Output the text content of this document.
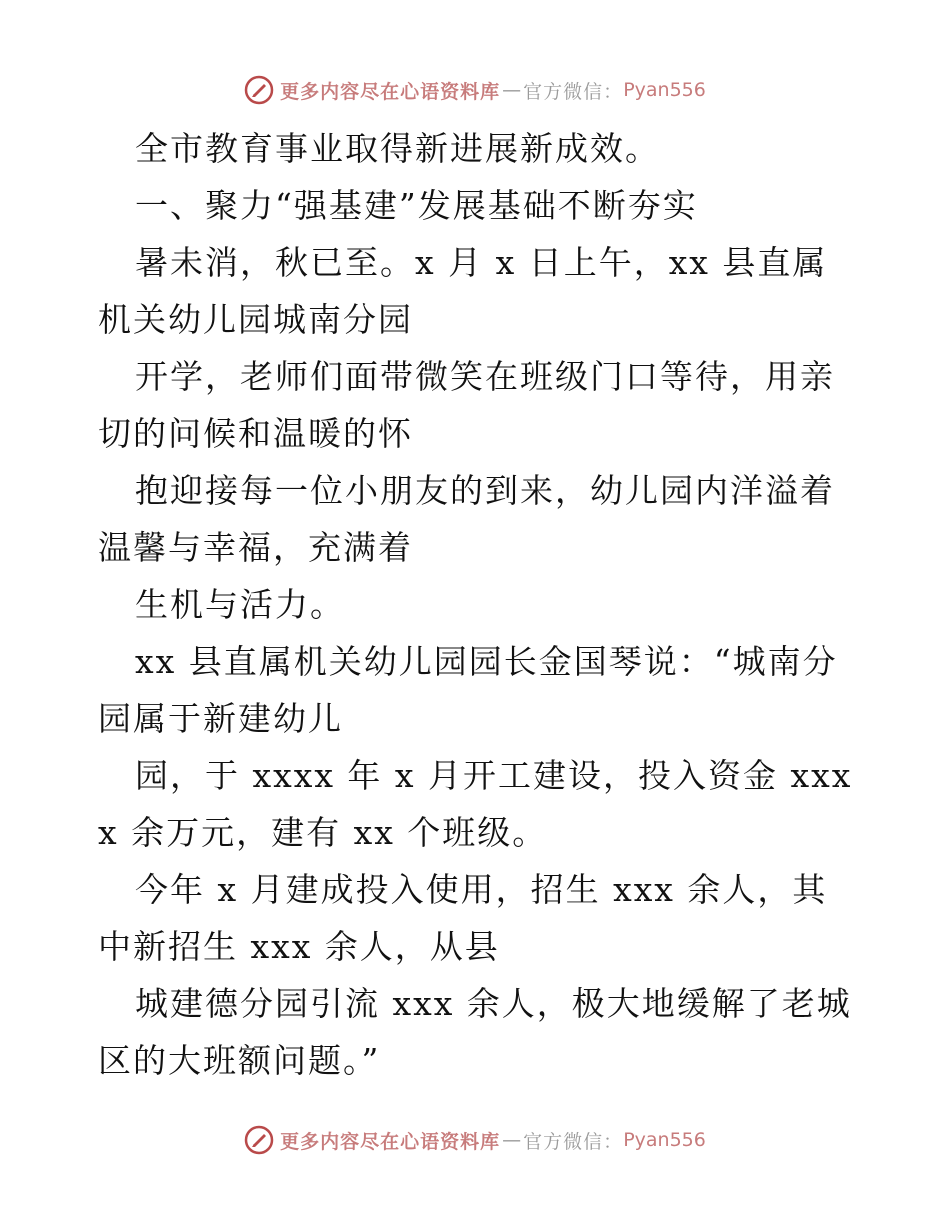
更多内容尽在心语资料库 — 官方微信： Pyan556

全市教育事业取得新进展新成效。

一、聚力“强基建”发展基础不断夯实

暑未消，秋已至。x 月 x 日上午，xx 县直属机关幼儿园城南分园

开学，老师们面带微笑在班级门口等待，用亲切的问候和温暖的怀

抱迎接每一位小朋友的到来，幼儿园内洋溢着温馨与幸福，充满着

生机与活力。

xx 县直属机关幼儿园园长金国琴说：“城南分园属于新建幼儿

园，于 xxxx 年 x 月开工建设，投入资金 xxxx 余万元，建有 xx 个班级。

今年 x 月建成投入使用，招生 xxx 余人，其中新招生 xxx 余人，从县

城建德分园引流 xxx 余人，极大地缓解了老城区的大班额问题。”

更多内容尽在心语资料库 — 官方微信： Pyan556
